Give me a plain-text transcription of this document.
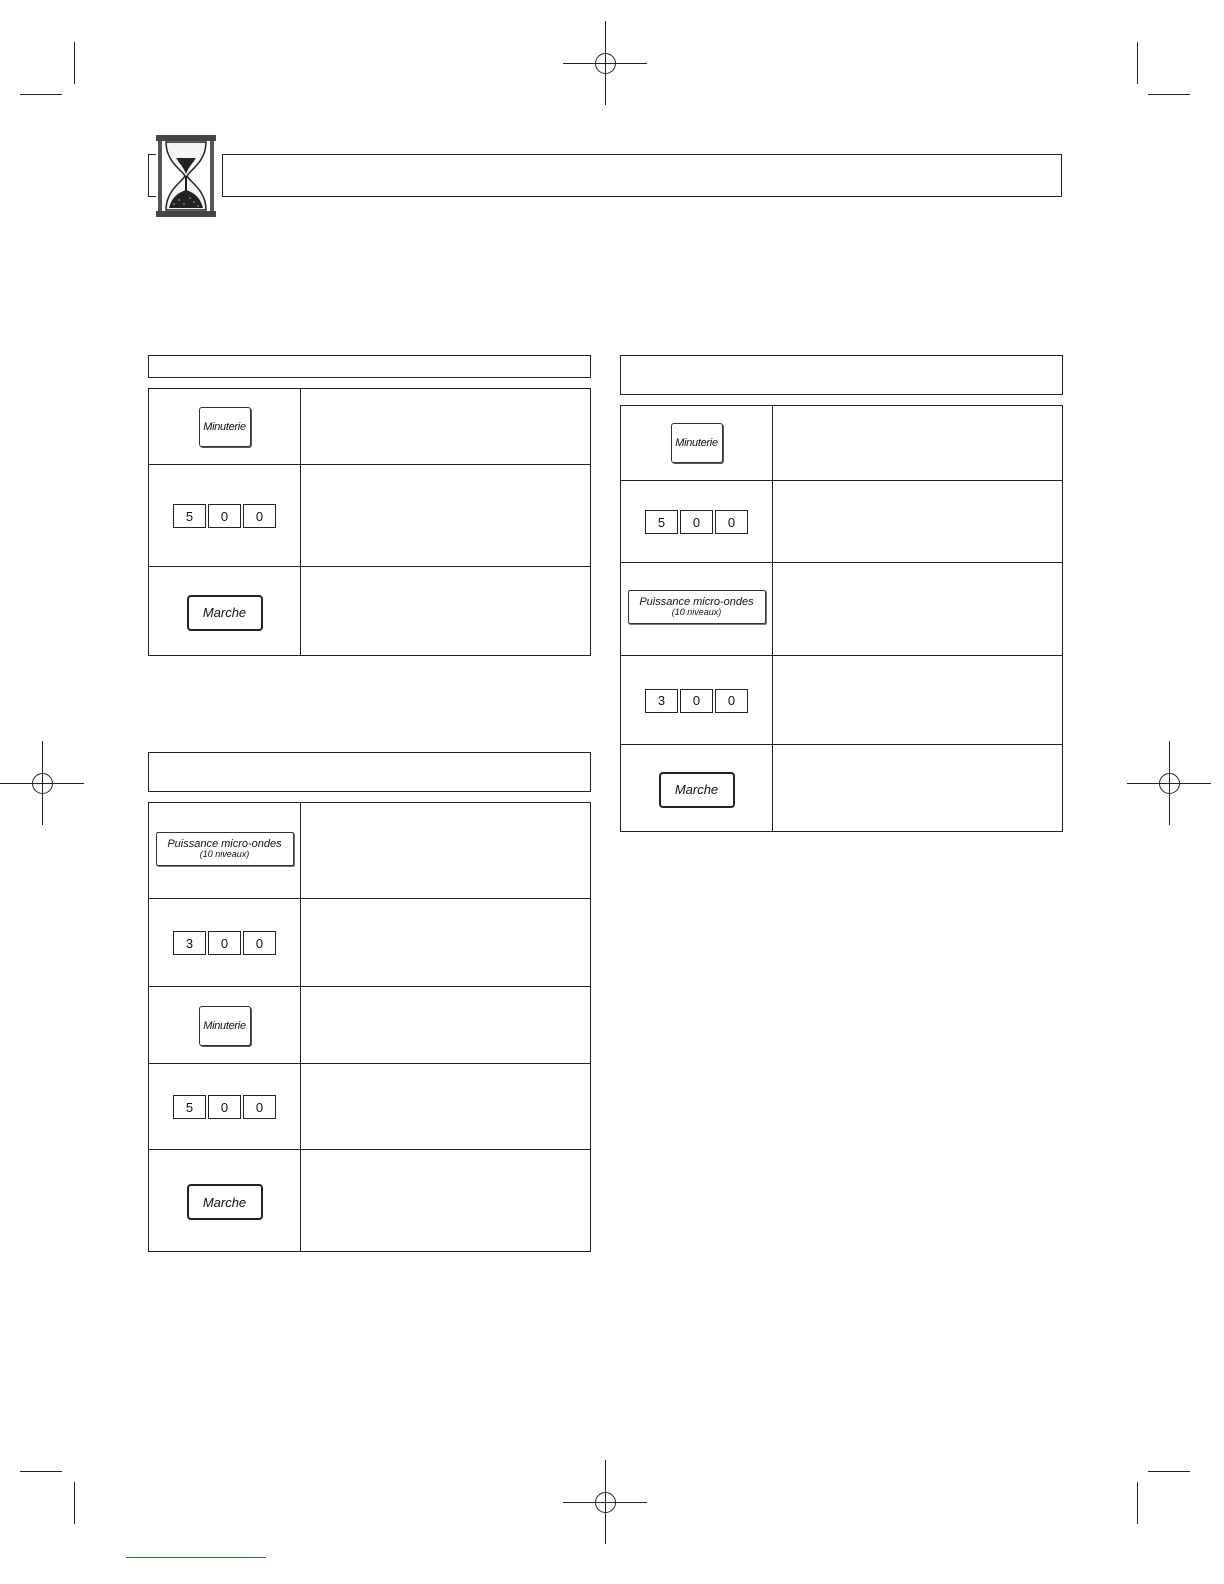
Minuterie
5	0	0
Marche
Puissance micro-ondes
(10 niveaux)
3	0	0
Minuterie
5	0	0
Marche
Minuterie
5	0	0
Puissance micro-ondes
(10 niveaux)
3	0	0
Marche
